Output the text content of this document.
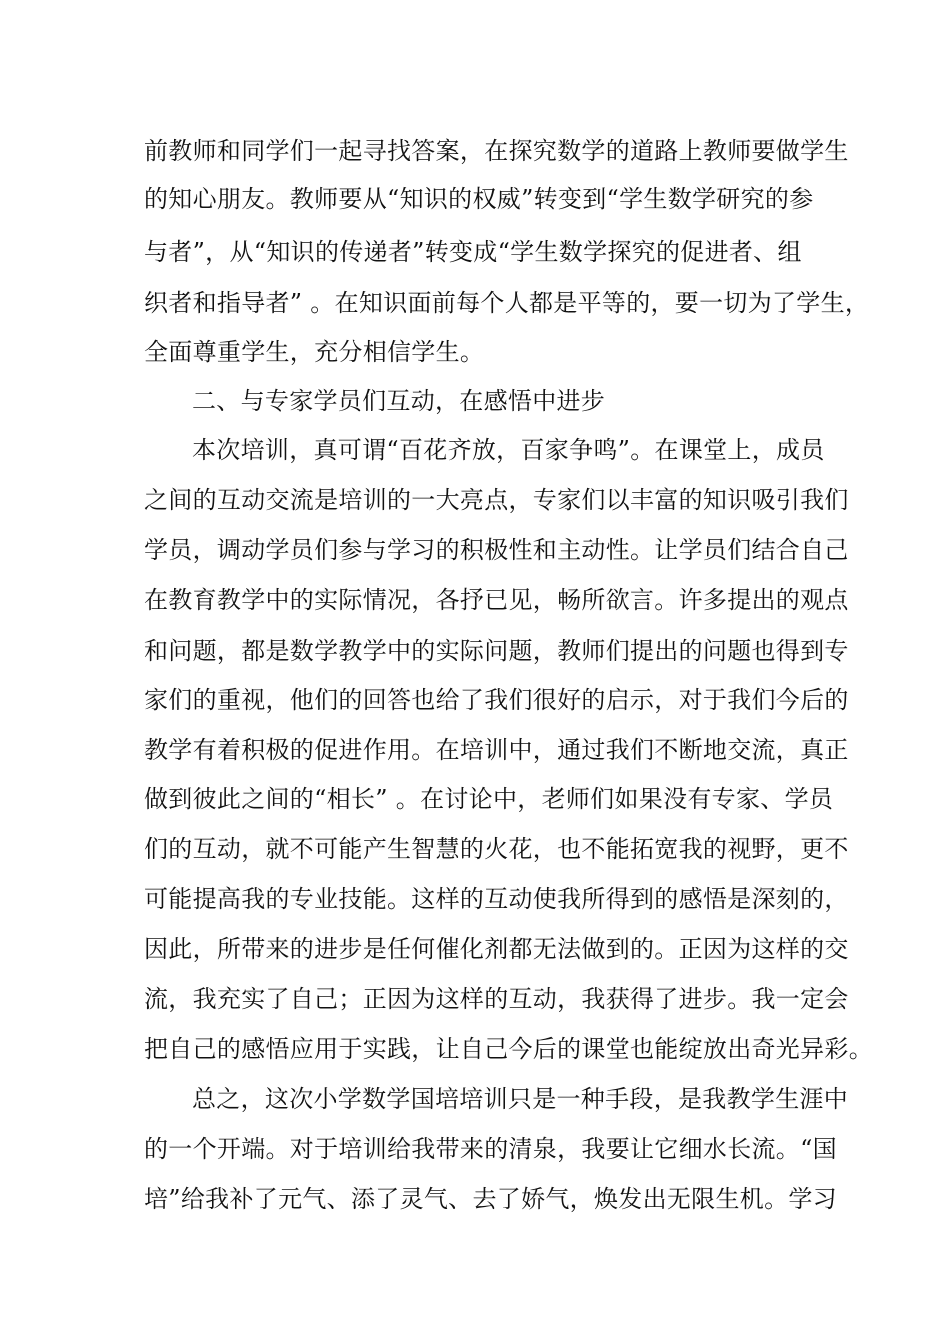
前教师和同学们一起寻找答案，在探究数学的道路上教师要做学生
的知心朋友。教师要从“知识的权威”转变到“学生数学研究的参
与者”，从“知识的传递者”转变成“学生数学探究的促进者、组
织者和指导者” 。在知识面前每个人都是平等的，要一切为了学生，
全面尊重学生，充分相信学生。
二、与专家学员们互动，在感悟中进步
本次培训，真可谓“百花齐放，百家争鸣”。在课堂上，成员
之间的互动交流是培训的一大亮点，专家们以丰富的知识吸引我们
学员，调动学员们参与学习的积极性和主动性。让学员们结合自己
在教育教学中的实际情况，各抒已见，畅所欲言。许多提出的观点
和问题，都是数学教学中的实际问题，教师们提出的问题也得到专
家们的重视，他们的回答也给了我们很好的启示，对于我们今后的
教学有着积极的促进作用。在培训中，通过我们不断地交流，真正
做到彼此之间的“相长” 。在讨论中，老师们如果没有专家、学员
们的互动，就不可能产生智慧的火花，也不能拓宽我的视野，更不
可能提高我的专业技能。这样的互动使我所得到的感悟是深刻的，
因此，所带来的进步是任何催化剂都无法做到的。正因为这样的交
流，我充实了自己；正因为这样的互动，我获得了进步。我一定会
把自己的感悟应用于实践，让自己今后的课堂也能绽放出奇光异彩。
总之，这次小学数学国培培训只是一种手段，是我教学生涯中
的一个开端。对于培训给我带来的清泉，我要让它细水长流。“国
培”给我补了元气、添了灵气、去了娇气，焕发出无限生机。学习
